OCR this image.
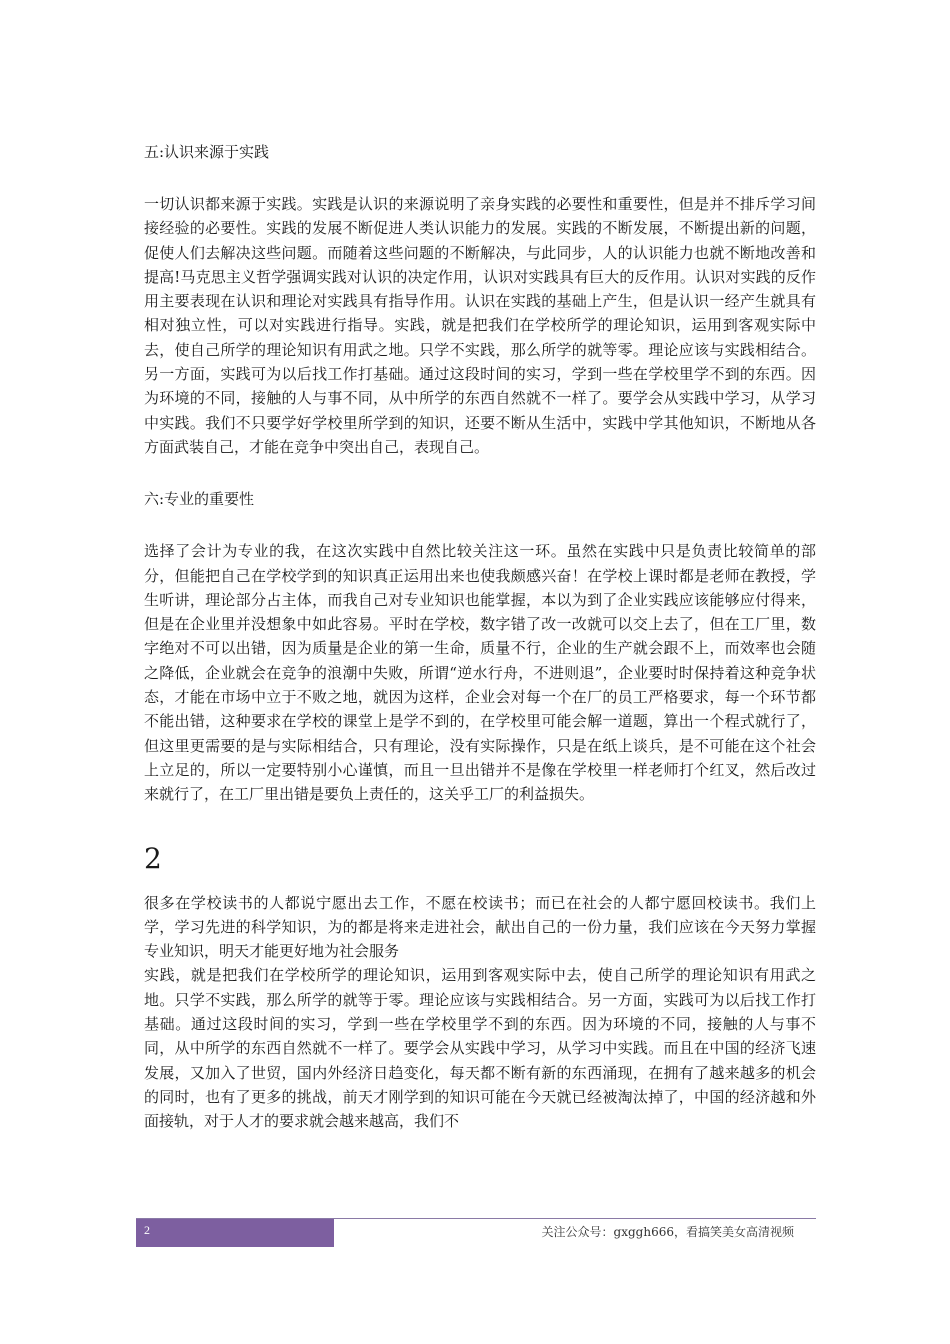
五:认识来源于实践

一切认识都来源于实践。实践是认识的来源说明了亲身实践的必要性和重要性，但是并不排斥学习间接经验的必要性。实践的发展不断促进人类认识能力的发展。实践的不断发展，不断提出新的问题，促使人们去解决这些问题。而随着这些问题的不断解决，与此同步，人的认识能力也就不断地改善和提高!马克思主义哲学强调实践对认识的决定作用，认识对实践具有巨大的反作用。认识对实践的反作用主要表现在认识和理论对实践具有指导作用。认识在实践的基础上产生，但是认识一经产生就具有相对独立性，可以对实践进行指导。实践，就是把我们在学校所学的理论知识，运用到客观实际中去，使自己所学的理论知识有用武之地。只学不实践，那么所学的就等零。理论应该与实践相结合。另一方面，实践可为以后找工作打基础。通过这段时间的实习，学到一些在学校里学不到的东西。因为环境的不同，接触的人与事不同，从中所学的东西自然就不一样了。要学会从实践中学习，从学习中实践。我们不只要学好学校里所学到的知识，还要不断从生活中，实践中学其他知识，不断地从各方面武装自己，才能在竞争中突出自己，表现自己。

六:专业的重要性

选择了会计为专业的我，在这次实践中自然比较关注这一环。虽然在实践中只是负责比较简单的部分，但能把自己在学校学到的知识真正运用出来也使我颇感兴奋！在学校上课时都是老师在教授，学生听讲，理论部分占主体，而我自己对专业知识也能掌握，本以为到了企业实践应该能够应付得来，但是在企业里并没想象中如此容易。平时在学校，数字错了改一改就可以交上去了，但在工厂里，数字绝对不可以出错，因为质量是企业的第一生命，质量不行，企业的生产就会跟不上，而效率也会随之降低，企业就会在竞争的浪潮中失败，所谓“逆水行舟，不进则退”，企业要时时保持着这种竞争状态，才能在市场中立于不败之地，就因为这样，企业会对每一个在厂的员工严格要求，每一个环节都不能出错，这种要求在学校的课堂上是学不到的，在学校里可能会解一道题，算出一个程式就行了，但这里更需要的是与实际相结合，只有理论，没有实际操作，只是在纸上谈兵，是不可能在这个社会上立足的，所以一定要特别小心谨慎，而且一旦出错并不是像在学校里一样老师打个红叉，然后改过来就行了，在工厂里出错是要负上责任的，这关乎工厂的利益损失。

2

很多在学校读书的人都说宁愿出去工作，不愿在校读书；而已在社会的人都宁愿回校读书。我们上学，学习先进的科学知识，为的都是将来走进社会，献出自己的一份力量，我们应该在今天努力掌握专业知识，明天才能更好地为社会服务

实践，就是把我们在学校所学的理论知识，运用到客观实际中去，使自己所学的理论知识有用武之地。只学不实践，那么所学的就等于零。理论应该与实践相结合。另一方面，实践可为以后找工作打基础。通过这段时间的实习，学到一些在学校里学不到的东西。因为环境的不同，接触的人与事不同，从中所学的东西自然就不一样了。要学会从实践中学习，从学习中实践。而且在中国的经济飞速发展，又加入了世贸，国内外经济日趋变化，每天都不断有新的东西涌现，在拥有了越来越多的机会的同时，也有了更多的挑战，前天才刚学到的知识可能在今天就已经被淘汰掉了，中国的经济越和外面接轨，对于人才的要求就会越来越高，我们不

2	关注公众号：gxggh666，看搞笑美女高清视频
